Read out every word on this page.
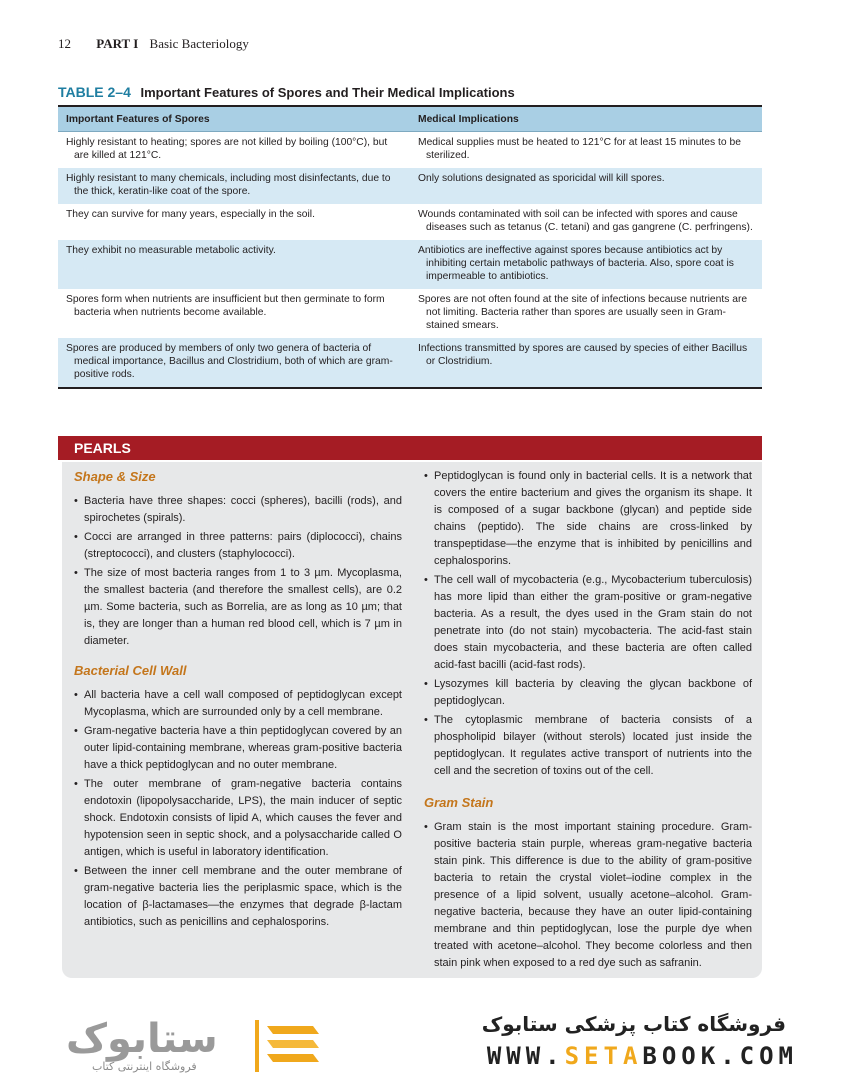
12 PART I Basic Bacteriology
TABLE 2–4 Important Features of Spores and Their Medical Implications
Important Features of Spores	Medical Implications

Highly resistant to heating; spores are not killed by boiling (100°C), but are killed at 121°C.	Medical supplies must be heated to 121°C for at least 15 minutes to be sterilized.

Highly resistant to many chemicals, including most disinfectants, due to the thick, keratin-like coat of the spore.	Only solutions designated as sporicidal will kill spores.

They can survive for many years, especially in the soil.	Wounds contaminated with soil can be infected with spores and cause diseases such as tetanus (C. tetani) and gas gangrene (C. perfringens).

They exhibit no measurable metabolic activity.	Antibiotics are ineffective against spores because antibiotics act by inhibiting certain metabolic pathways of bacteria. Also, spore coat is impermeable to antibiotics.

Spores form when nutrients are insufficient but then germinate to form bacteria when nutrients become available.	Spores are not often found at the site of infections because nutrients are not limiting. Bacteria rather than spores are usually seen in Gram-stained smears.

Spores are produced by members of only two genera of bacteria of medical importance, Bacillus and Clostridium, both of which are gram-positive rods.	Infections transmitted by spores are caused by species of either Bacillus or Clostridium.
PEARLS
Shape & Size
• Bacteria have three shapes: cocci (spheres), bacilli (rods), and spirochetes (spirals).
• Cocci are arranged in three patterns: pairs (diplococci), chains (streptococci), and clusters (staphylococci).
• The size of most bacteria ranges from 1 to 3 µm. Mycoplasma, the smallest bacteria (and therefore the smallest cells), are 0.2 µm. Some bacteria, such as Borrelia, are as long as 10 µm; that is, they are longer than a human red blood cell, which is 7 µm in diameter.
Bacterial Cell Wall
• All bacteria have a cell wall composed of peptidoglycan except Mycoplasma, which are surrounded only by a cell membrane.
• Gram-negative bacteria have a thin peptidoglycan covered by an outer lipid-containing membrane, whereas gram-positive bacteria have a thick peptidoglycan and no outer membrane.
• The outer membrane of gram-negative bacteria contains endotoxin (lipopolysaccharide, LPS), the main inducer of septic shock. Endotoxin consists of lipid A, which causes the fever and hypotension seen in septic shock, and a polysaccharide called O antigen, which is useful in laboratory identification.
• Between the inner cell membrane and the outer membrane of gram-negative bacteria lies the periplasmic space, which is the location of β-lactamases—the enzymes that degrade β-lactam antibiotics, such as penicillins and cephalosporins.
• Peptidoglycan is found only in bacterial cells. It is a network that covers the entire bacterium and gives the organism its shape. It is composed of a sugar backbone (glycan) and peptide side chains (peptido). The side chains are cross-linked by transpeptidase—the enzyme that is inhibited by penicillins and cephalosporins.
• The cell wall of mycobacteria (e.g., Mycobacterium tuberculosis) has more lipid than either the gram-positive or gram-negative bacteria. As a result, the dyes used in the Gram stain do not penetrate into (do not stain) mycobacteria. The acid-fast stain does stain mycobacteria, and these bacteria are often called acid-fast bacilli (acid-fast rods).
• Lysozymes kill bacteria by cleaving the glycan backbone of peptidoglycan.
• The cytoplasmic membrane of bacteria consists of a phospholipid bilayer (without sterols) located just inside the peptidoglycan. It regulates active transport of nutrients into the cell and the secretion of toxins out of the cell.
Gram Stain
• Gram stain is the most important staining procedure. Gram-positive bacteria stain purple, whereas gram-negative bacteria stain pink. This difference is due to the ability of gram-positive bacteria to retain the crystal violet–iodine complex in the presence of a lipid solvent, usually acetone–alcohol. Gram-negative bacteria, because they have an outer lipid-containing membrane and thin peptidoglycan, lose the purple dye when treated with acetone–alcohol. They become colorless and then stain pink when exposed to a red dye such as safranin.
ستابوک
فروشگاه اینترنتی کتاب
فروشگاه کتاب پزشکی ستابوک
WWW.SETABOOK.COM
